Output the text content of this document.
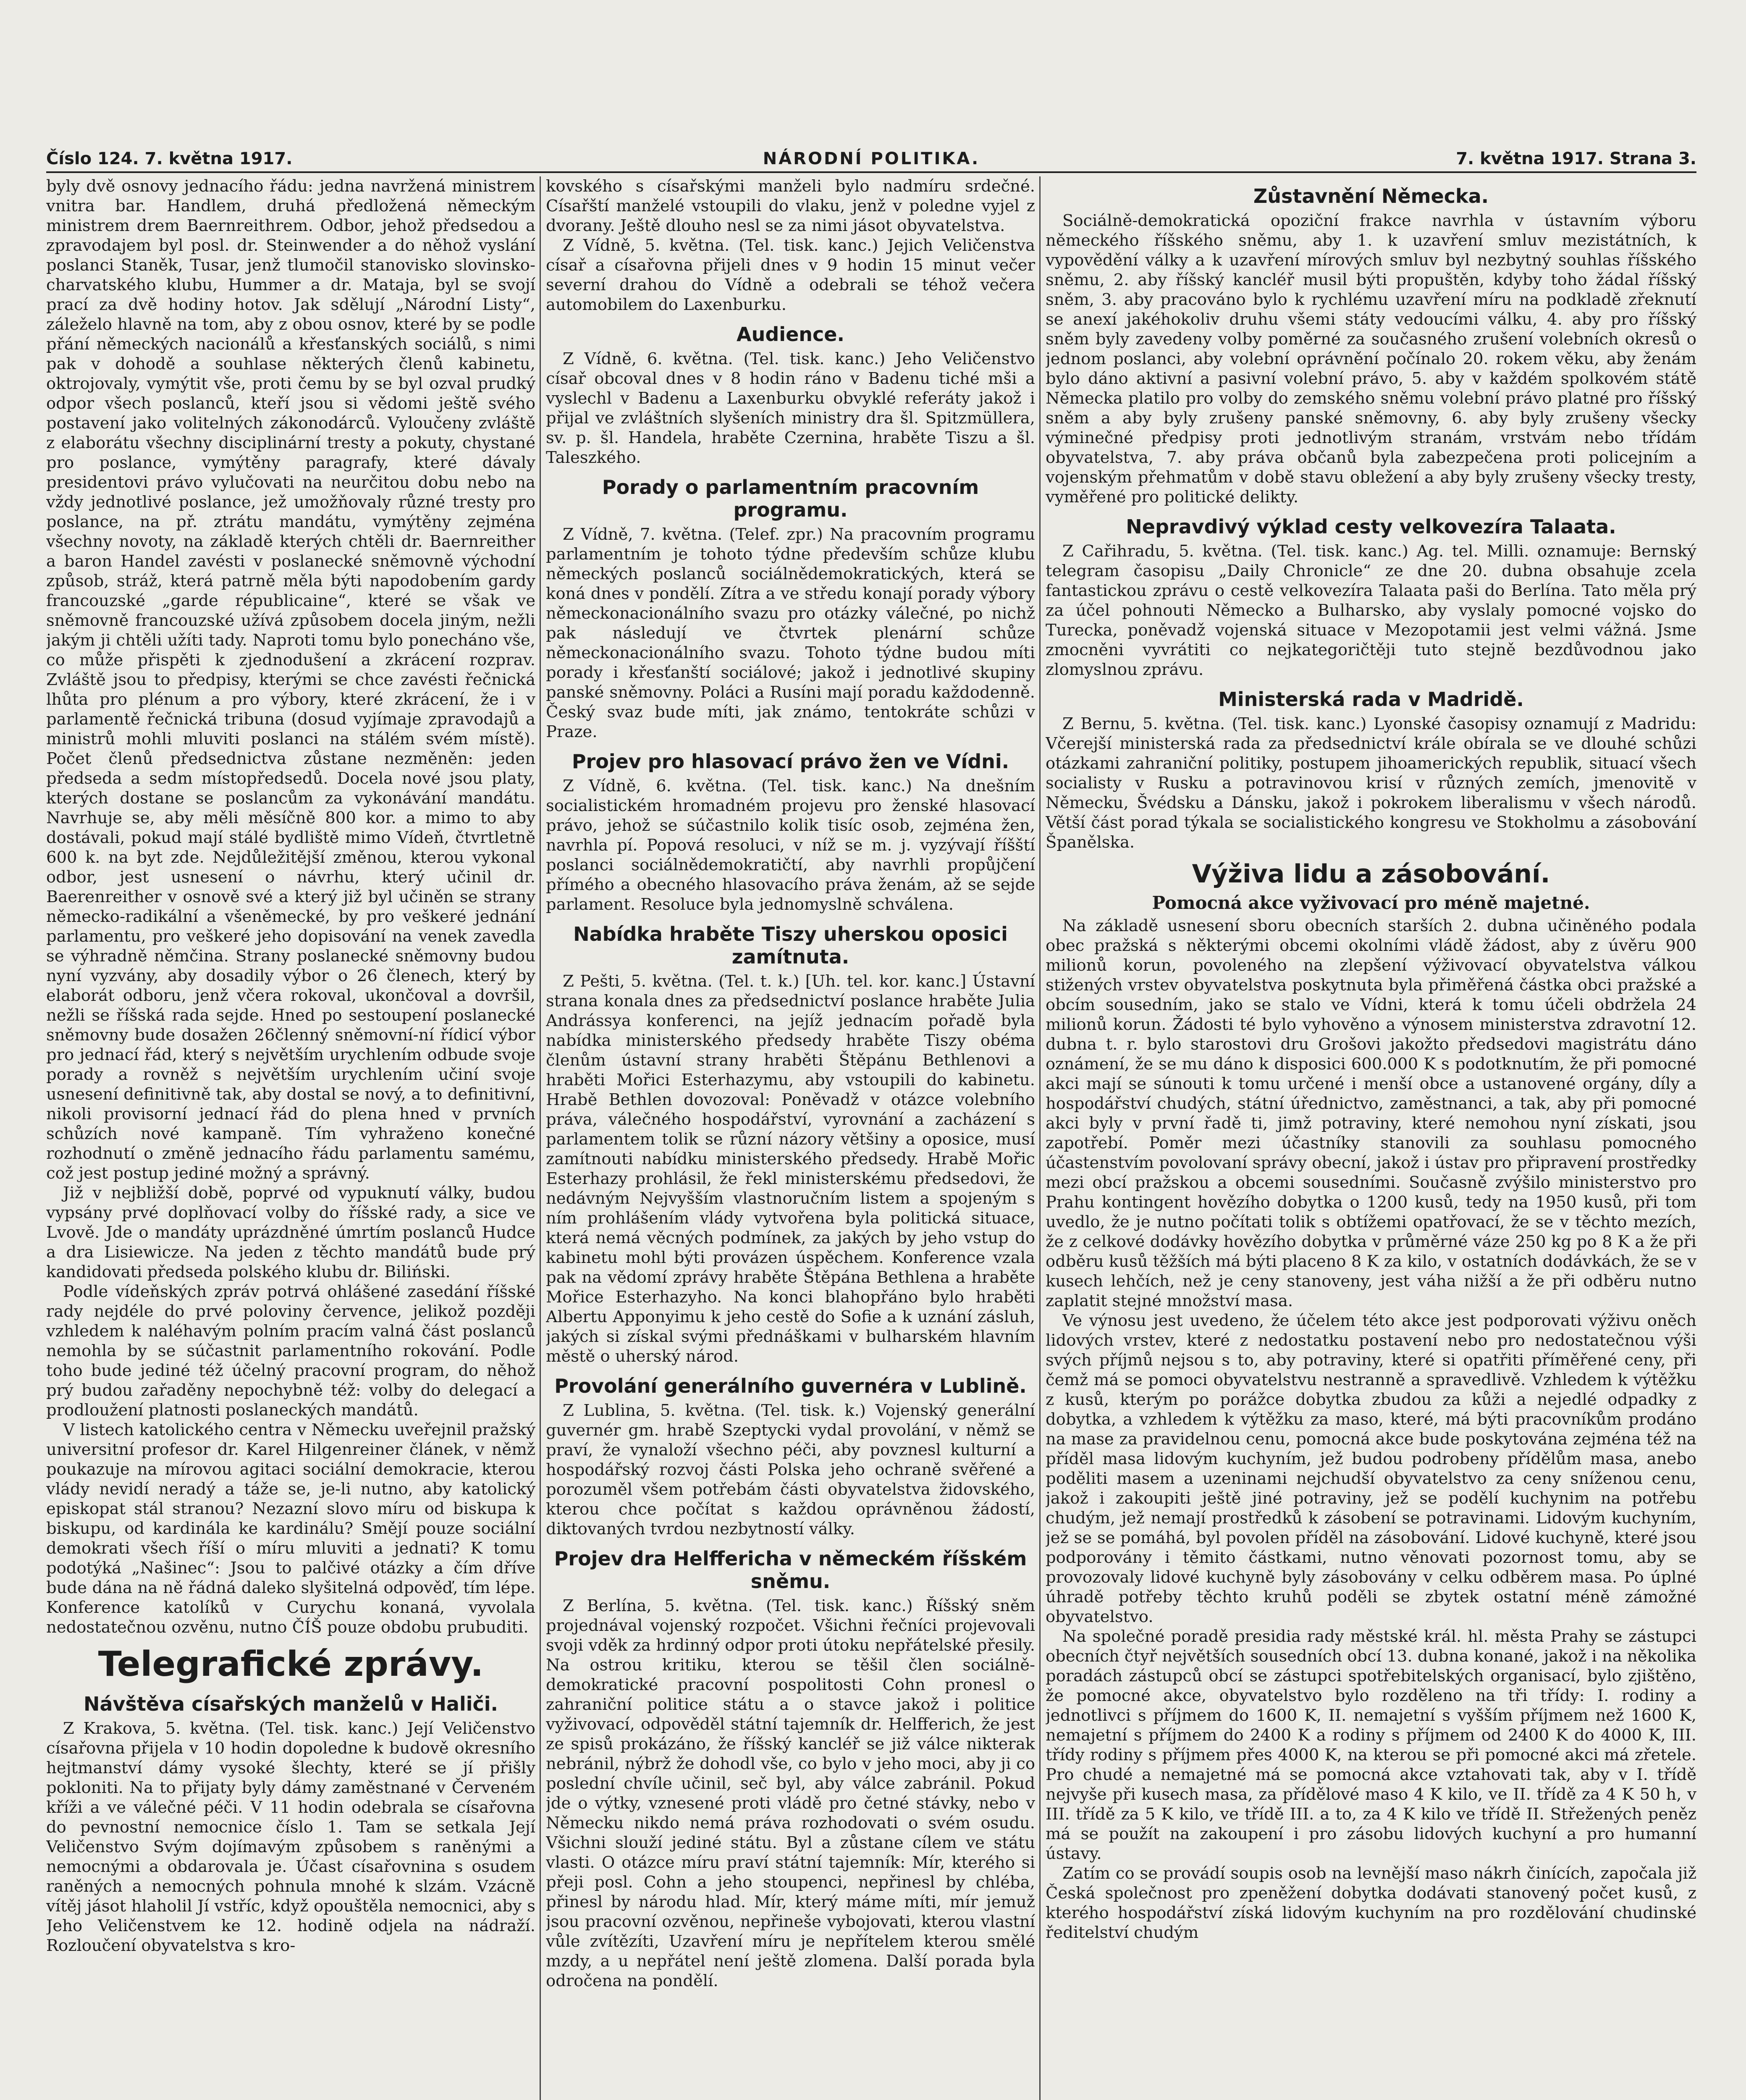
Číslo 124. 7. května 1917.	NÁRODNÍ POLITIKA.	7. května 1917. Strana 3.

byly dvě osnovy jednacího řádu: jedna navržená ministrem vnitra bar. Handlem, druhá předložená německým ministrem drem Baernreithrem. Odbor, jehož předsedou a zpravodajem byl posl. dr. Steinwender a do něhož vyslání poslanci Staněk, Tusar, jenž tlumočil stanovisko slovinsko-charvatského klubu, Hummer a dr. Mataja, byl se svojí prací za dvě hodiny hotov. Jak sdělují „Národní Listy“, záleželo hlavně na tom, aby z obou osnov, které by se podle přání německých nacionálů a křesťanských sociálů, s nimi pak v dohodě a souhlase některých členů kabinetu, oktrojovaly, vymýtit vše, proti čemu by se byl ozval prudký odpor všech poslanců, kteří jsou si vědomi ještě svého postavení jako volitelných zákonodárců. Vyloučeny zvláště z elaborátu všechny disciplinární tresty a pokuty, chystané pro poslance, vymýtěny paragrafy, které dávaly presidentovi právo vylučovati na neurčitou dobu nebo na vždy jednotlivé poslance, jež umožňovaly různé tresty pro poslance, na př. ztrátu mandátu, vymýtěny zejména všechny novoty, na základě kterých chtěli dr. Baernreither a baron Handel zavésti v poslanecké sněmovně východní způsob, stráž, která patrně měla býti napodobením gardy francouzské „garde républicaine“, které se však ve sněmovně francouzské užívá způsobem docela jiným, nežli jakým ji chtěli užíti tady. Naproti tomu bylo ponecháno vše, co může přispěti k zjednodušení a zkrácení rozprav. Zvláště jsou to předpisy, kterými se chce zavésti řečnická lhůta pro plénum a pro výbory, které zkrácení, že i v parlamentě řečnická tribuna (dosud vyjímaje zpravodajů a ministrů mohli mluviti poslanci na stálém svém místě). Počet členů předsednictva zůstane nezměněn: jeden předseda a sedm místopředsedů. Docela nové jsou platy, kterých dostane se poslancům za vykonávání mandátu. Navrhuje se, aby měli měsíčně 800 kor. a mimo to aby dostávali, pokud mají stálé bydliště mimo Vídeň, čtvrtletně 600 k. na byt zde. Nejdůležitější změnou, kterou vykonal odbor, jest usnesení o návrhu, který učinil dr. Baerenreither v osnově své a který již byl učiněn se strany německo-radikální a všeněmecké, by pro veškeré jednání parlamentu, pro veškeré jeho dopisování na venek zavedla se výhradně němčina. Strany poslanecké sněmovny budou nyní vyzvány, aby dosadily výbor o 26 členech, který by elaborát odboru, jenž včera rokoval, ukončoval a dovršil, nežli se říšská rada sejde. Hned po sestoupení poslanecké sněmovny bude dosažen 26členný sněmovní-ní řídicí výbor pro jednací řád, který s největším urychlením odbude svoje porady a rovněž s největším urychlením učiní svoje usnesení definitivně tak, aby dostal se nový, a to definitivní, nikoli provisorní jednací řád do plena hned v prvních schůzích nové kampaně. Tím vyhraženo konečné rozhodnutí o změně jednacího řádu parlamentu samému, což jest postup jediné možný a správný.

Již v nejbližší době, poprvé od vypuknutí války, budou vypsány prvé doplňovací volby do říšské rady, a sice ve Lvově. Jde o mandáty uprázdněné úmrtím poslanců Hudce a dra Lisiewicze. Na jeden z těchto mandátů bude prý kandidovati předseda polského klubu dr. Biliński.

Podle vídeňských zpráv potrvá ohlášené zasedání říšské rady nejdéle do prvé poloviny července, jelikož později vzhledem k naléhavým polním pracím valná část poslanců nemohla by se súčastnit parlamentního rokování. Podle toho bude jediné též účelný pracovní program, do něhož prý budou zařaděny nepochybně též: volby do delegací a prodloužení platnosti poslaneckých mandátů.

V listech katolického centra v Německu uveřejnil pražský universitní profesor dr. Karel Hilgenreiner článek, v němž poukazuje na mírovou agitaci sociální demokracie, kterou vlády nevidí neradý a táže se, je-li nutno, aby katolický episkopat stál stranou? Nezazní slovo míru od biskupa k biskupu, od kardinála ke kardinálu? Smějí pouze sociální demokrati všech říší o míru mluviti a jednati? K tomu podotýká „Našinec“: Jsou to palčivé otázky a čím dříve bude dána na ně řádná daleko slyšitelná odpověď, tím lépe. Konference katolíků v Curychu konaná, vyvolala nedostatečnou ozvěnu, nutno ČÍŠ pouze obdobu prubuditi.

Telegrafické zprávy.
Návštěva císařských manželů v Haliči.

Z Krakova, 5. května. (Tel. tisk. kanc.) Její Veličenstvo císařovna přijela v 10 hodin dopoledne k budově okresního hejtmanství dámy vysoké šlechty, které se jí přišly pokloniti. Na to přijaty byly dámy zaměstnané v Červeném kříži a ve válečné péči. V 11 hodin odebrala se císařovna do pevnostní nemocnice číslo 1. Tam se setkala Její Veličenstvo Svým dojímavým způsobem s raněnými a nemocnými a obdarovala je. Účast císařovnina s osudem raněných a nemocných pohnula mnohé k slzám. Vzácně vítěj jásot hlaholil Jí vstříc, když opouštěla nemocnici, aby s Jeho Veličenstvem ke 12. hodině odjela na nádraží. Rozloučení obyvatelstva s kro-

kovského s císařskými manželi bylo nadmíru srdečné. Císařští manželé vstoupili do vlaku, jenž v poledne vyjel z dvorany. Ještě dlouho nesl se za nimi jásot obyvatelstva.

Z Vídně, 5. května. (Tel. tisk. kanc.) Jejich Veličenstva císař a císařovna přijeli dnes v 9 hodin 15 minut večer severní drahou do Vídně a odebrali se téhož večera automobilem do Laxenburku.

Audience.

Z Vídně, 6. května. (Tel. tisk. kanc.) Jeho Veličenstvo císař obcoval dnes v 8 hodin ráno v Badenu tiché mši a vyslechl v Badenu a Laxenburku obvyklé referáty jakož i přijal ve zvláštních slyšeních ministry dra šl. Spitzmüllera, sv. p. šl. Handela, hraběte Czernina, hraběte Tiszu a šl. Taleszkého.

Porady o parlamentním pracovním programu.

Z Vídně, 7. května. (Telef. zpr.) Na pracovním programu parlamentním je tohoto týdne především schůze klubu německých poslanců sociálnědemokratických, která se koná dnes v pondělí. Zítra a ve středu konají porady výbory německonacionálního svazu pro otázky válečné, po nichž pak následují ve čtvrtek plenární schůze německonacionálního svazu. Tohoto týdne budou míti porady i křesťanští sociálové; jakož i jednotlivé skupiny panské sněmovny. Poláci a Rusíni mají poradu každodenně. Český svaz bude míti, jak známo, tentokráte schůzi v Praze.

Projev pro hlasovací právo žen ve Vídni.

Z Vídně, 6. května. (Tel. tisk. kanc.) Na dnešním socialistickém hromadném projevu pro ženské hlasovací právo, jehož se súčastnilo kolik tisíc osob, zejména žen, navrhla pí. Popová resoluci, v níž se m. j. vyzývají říšští poslanci sociálnědemokratičtí, aby navrhli propůjčení přímého a obecného hlasovacího práva ženám, až se sejde parlament. Resoluce byla jednomyslně schválena.

Nabídka hraběte Tiszy uherskou oposici zamítnuta.

Z Pešti, 5. května. (Tel. t. k.) [Uh. tel. kor. kanc.] Ústavní strana konala dnes za předsednictví poslance hraběte Julia Andrássyа konferenci, na jejíž jednacím pořadě byla nabídka ministerského předsedy hraběte Tiszy obéma členům ústavní strany hraběti Štěpánu Bethlenovi a hraběti Mořici Esterhazymu, aby vstoupili do kabinetu. Hrabě Bethlen dovozoval: Poněvadž v otázce volebního práva, válečného hospodářství, vyrovnání a zacházení s parlamentem tolik se různí názory většiny a oposice, musí zamítnouti nabídku ministerského předsedy. Hrabě Mořic Esterhazy prohlásil, že řekl ministerskému předsedovi, že nedávným Nejvyšším vlastnoručním listem a spojeným s ním prohlášením vlády vytvořena byla politická situace, která nemá věcných podmínek, za jakých by jeho vstup do kabinetu mohl býti provázen úspěchem. Konference vzala pak na vědomí zprávy hraběte Štěpána Bethlena a hraběte Mořice Esterhazyho. Na konci blahopřáno bylo hraběti Albertu Apponyimu k jeho cestě do Sofie a k uznání zásluh, jakých si získal svými přednáškami v bulharském hlavním městě o uherský národ.

Provolání generálního guvernéra v Lublině.

Z Lublina, 5. května. (Tel. tisk. k.) Vojenský generální guvernér gm. hrabě Szeptycki vydal provolání, v němž se praví, že vynaloží všechno péči, aby povznesl kulturní a hospodářský rozvoj části Polska jeho ochraně svěřené a porozuměl všem potřebám části obyvatelstva židovského, kterou chce počítat s každou oprávněnou žádostí, diktovaných tvrdou nezbytností války.

Projev dra Helffericha v německém říšském sněmu.

Z Berlína, 5. května. (Tel. tisk. kanc.) Říšský sněm projednával vojenský rozpočet. Všichni řečníci projevovali svoji vděk za hrdinný odpor proti útoku nepřátelské přesily. Na ostrou kritiku, kterou se těšil člen sociálně-demokratické pracovní pospolitosti Cohn pronesl o zahraniční politice státu a o stavce jakož i politice vyživovací, odpověděl státní tajemník dr. Helfferich, že jest ze spisů prokázáno, že říšský kancléř se již válce nikterak nebránil, nýbrž že dohodl vše, co bylo v jeho moci, aby ji co poslední chvíle učinil, seč byl, aby válce zabránil. Pokud jde o výtky, vznesené proti vládě pro četné stávky, nebo v Německu nikdo nemá práva rozhodovati o svém osudu. Všichni slouží jediné státu. Byl a zůstane cílem ve státu vlasti. O otázce míru praví státní tajemník: Mír, kterého si přeji posl. Cohn a jeho stoupenci, nepřinesl by chléba, přinesl by národu hlad. Mír, který máme míti, mír jemuž jsou pracovní ozvěnou, nepřineše vybojovati, kterou vlastní vůle zvítězíti, Uzavření míru je nepřítelem kterou smělé mzdy, a u nepřátel není ještě zlomena. Další porada byla odročena na pondělí.

Zůstavnění Německa.

Sociálně-demokratická opoziční frakce navrhla v ústavním výboru německého říšského sněmu, aby 1. k uzavření smluv mezistátních, k vypovědění války a k uzavření mírových smluv byl nezbytný souhlas říšského sněmu, 2. aby říšský kancléř musil býti propuštěn, kdyby toho žádal říšský sněm, 3. aby pracováno bylo k rychlému uzavření míru na podkladě zřeknutí se anexí jakéhokoliv druhu všemi státy vedoucími válku, 4. aby pro říšský sněm byly zavedeny volby poměrné za současného zrušení volebních okresů o jednom poslanci, aby volební oprávnění počínalo 20. rokem věku, aby ženám bylo dáno aktivní a pasivní volební právo, 5. aby v každém spolkovém státě Německa platilo pro volby do zemského sněmu volební právo platné pro říšský sněm a aby byly zrušeny panské sněmovny, 6. aby byly zrušeny všecky výminečné předpisy proti jednotlivým stranám, vrstvám nebo třídám obyvatelstva, 7. aby práva občanů byla zabezpečena proti policejním a vojenským přehmatům v době stavu obležení a aby byly zrušeny všecky tresty, vyměřené pro politické delikty.

Nepravdivý výklad cesty velkovezíra Talaata.

Z Cařihradu, 5. května. (Tel. tisk. kanc.) Ag. tel. Milli. oznamuje: Bernský telegram časopisu „Daily Chronicle“ ze dne 20. dubna obsahuje zcela fantastickou zprávu o cestě velkovezíra Talaata paši do Berlína. Tato měla prý za účel pohnouti Německo a Bulharsko, aby vyslaly pomocné vojsko do Turecka, poněvadž vojenská situace v Mezopotamii jest velmi vážná. Jsme zmocněni vyvrátiti co nejkategoričtěji tuto stejně bezdůvodnou jako zlomyslnou zprávu.

Ministerská rada v Madridě.

Z Bernu, 5. května. (Tel. tisk. kanc.) Lyonské časopisy oznamují z Madridu: Včerejší ministerská rada za předsednictví krále obírala se ve dlouhé schůzi otázkami zahraniční politiky, postupem jihoamerických republik, situací všech socialisty v Rusku a potravinovou krisí v různých zemích, jmenovitě v Německu, Švédsku a Dánsku, jakož i pokrokem liberalismu v všech národů. Větší část porad týkala se socialistického kongresu ve Stokholmu a zásobování Španělska.

Výživa lidu a zásobování.
Pomocná akce vyživovací pro méně majetné.

Na základě usnesení sboru obecních starších 2. dubna učiněného podala obec pražská s některými obcemi okolními vládě žádost, aby z úvěru 900 milionů korun, povoleného na zlepšení výživovací obyvatelstva válkou stižených vrstev obyvatelstva poskytnuta byla přiměřená částka obci pražské a obcím sousedním, jako se stalo ve Vídni, která k tomu účeli obdržela 24 milionů korun. Žádosti té bylo vyhověno a výnosem ministerstva zdravotní 12. dubna t. r. bylo starostovi dru Grošovi jakožto předsedovi magistrátu dáno oznámení, že se mu dáno k disposici 600.000 K s podotknutím, že při pomocné akci mají se súnouti k tomu určené i menší obce a ustanovené orgány, díly a hospodářství chudých, státní úřednictvo, zaměstnanci, a tak, aby při pomocné akci byly v první řadě ti, jimž potraviny, které nemohou nyní získati, jsou zapotřebí. Poměr mezi účastníky stanovili za souhlasu pomocného účastenstvím povolovaní správy obecní, jakož i ústav pro připravení prostředky mezi obcí pražskou a obcemi sousedními. Současně zvýšilo ministerstvo pro Prahu kontingent hovězího dobytka o 1200 kusů, tedy na 1950 kusů, při tom uvedlo, že je nutno počítati tolik s obtížemi opatřovací, že se v těchto mezích, že z celkové dodávky hovězího dobytka v průměrné váze 250 kg po 8 K a že při odběru kusů těžších má býti placeno 8 K za kilo, v ostatních dodávkách, že se v kusech lehčích, než je ceny stanoveny, jest váha nižší a že při odběru nutno zaplatit stejné množství masa.

Ve výnosu jest uvedeno, že účelem této akce jest podporovati výživu oněch lidových vrstev, které z nedostatku postavení nebo pro nedostatečnou výši svých příjmů nejsou s to, aby potraviny, které si opatřiti příměřené ceny, při čemž má se pomoci obyvatelstvu nestranně a spravedlivě. Vzhledem k výtěžku z kusů, kterým po porážce dobytka zbudou za kůži a nejedlé odpadky z dobytka, a vzhledem k výtěžku za maso, které, má býti pracovníkům prodáno na mase za pravidelnou cenu, pomocná akce bude poskytována zejména též na příděl masa lidovým kuchyním, jež budou podrobeny přídělům masa, anebo poděliti masem a uzeninami nejchudší obyvatelstvo za ceny sníženou cenu, jakož i zakoupiti ještě jiné potraviny, jež se podělí kuchynim na potřebu chudým, jež nemají prostředků k zásobení se potravinami. Lidovým kuchyním, jež se se pomáhá, byl povolen příděl na zásobování. Lidové kuchyně, které jsou podporovány i těmito částkami, nutno věnovati pozornost tomu, aby se provozovaly lidové kuchyně byly zásobovány v celku odběrem masa. Po úplné úhradě potřeby těchto kruhů poděli se zbytek ostatní méně zámožné obyvatelstvo.

Na společné poradě presidia rady městské král. hl. města Prahy se zástupci obecních čtyř největších sousedních obcí 13. dubna konané, jakož i na několika poradách zástupců obcí se zástupci spotřebitelských organisací, bylo zjištěno, že pomocné akce, obyvatelstvo bylo rozděleno na tři třídy: I. rodiny a jednotlivci s příjmem do 1600 K, II. nemajetní s vyšším příjmem než 1600 K, nemajetní s příjmem do 2400 K a rodiny s příjmem od 2400 K do 4000 K, III. třídy rodiny s příjmem přes 4000 K, na kterou se při pomocné akci má zřetele. Pro chudé a nemajetné má se pomocná akce vztahovati tak, aby v I. třídě nejvyše při kusech masa, za přídělové maso 4 K kilo, ve II. třídě za 4 K 50 h, v III. třídě za 5 K kilo, ve třídě III. a to, za 4 K kilo ve třídě II. Střežených peněz má se použít na zakoupení i pro zásobu lidových kuchyní a pro humanní ústavy.

Zatím co se provádí soupis osob na levnější maso nákrh činících, započala již Česká společnost pro zpeněžení dobytka dodávati stanovený počet kusů, z kterého hospodářství získá lidovým kuchyním na pro rozdělování chudinské ředitelství chudým
